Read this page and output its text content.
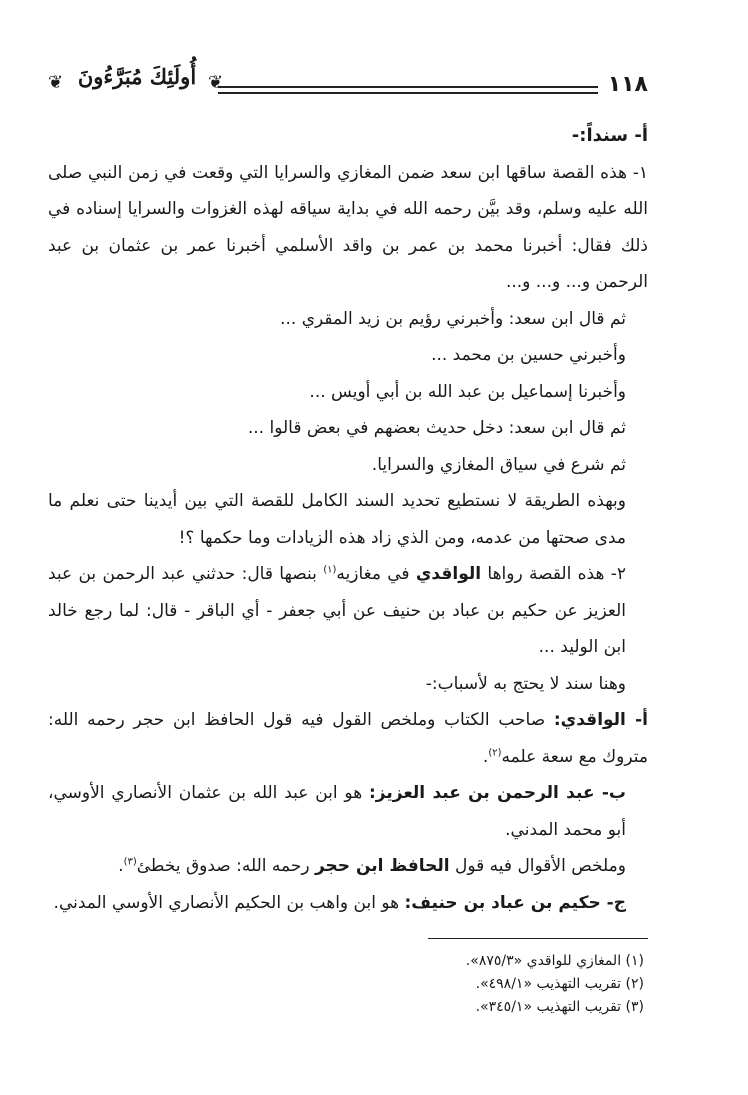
١١٨
❦
أُولَئِكَ مُبَرَّءُونَ
❦

أ- سنداً:-

١- هذه القصة ساقها ابن سعد ضمن المغازي والسرايا التي وقعت في زمن النبي صلى الله عليه وسلم، وقد بيَّن رحمه الله في بداية سياقه لهذه الغزوات والسرايا إسناده في ذلك فقال: أخبرنا محمد بن عمر بن واقد الأسلمي أخبرنا عمر بن عثمان بن عبد الرحمن و... و... و...

ثم قال ابن سعد: وأخبرني رؤيم بن زيد المقري ...

وأخبرني حسين بن محمد ...

وأخبرنا إسماعيل بن عبد الله بن أبي أويس ...

ثم قال ابن سعد: دخل حديث بعضهم في بعض قالوا ...

ثم شرع في سياق المغازي والسرايا.

وبهذه الطريقة لا نستطيع تحديد السند الكامل للقصة التي بين أيدينا حتى نعلم ما مدى صحتها من عدمه، ومن الذي زاد هذه الزيادات وما حكمها ؟!

٢- هذه القصة رواها الواقدي في مغازيه$^{(١)}$ بنصها قال: حدثني عبد الرحمن بن عبد العزيز عن حكيم بن عباد بن حنيف عن أبي جعفر - أي الباقر - قال: لما رجع خالد ابن الوليد ...

وهنا سند لا يحتج به لأسباب:-

أ- الواقدي: صاحب الكتاب وملخص القول فيه قول الحافظ ابن حجر رحمه الله: متروك مع سعة علمه$^{(٢)}$.

ب- عبد الرحمن بن عبد العزيز: هو ابن عبد الله بن عثمان الأنصاري الأوسي، أبو محمد المدني.

وملخص الأقوال فيه قول الحافظ ابن حجر رحمه الله: صدوق يخطئ$^{(٣)}$.

ج- حكيم بن عباد بن حنيف: هو ابن واهب بن الحكيم الأنصاري الأوسي المدني.

(١) المغازي للواقدي «٨٧٥/٣».

(٢) تقريب التهذيب «٤٩٨/١».

(٣) تقريب التهذيب «٣٤٥/١».
